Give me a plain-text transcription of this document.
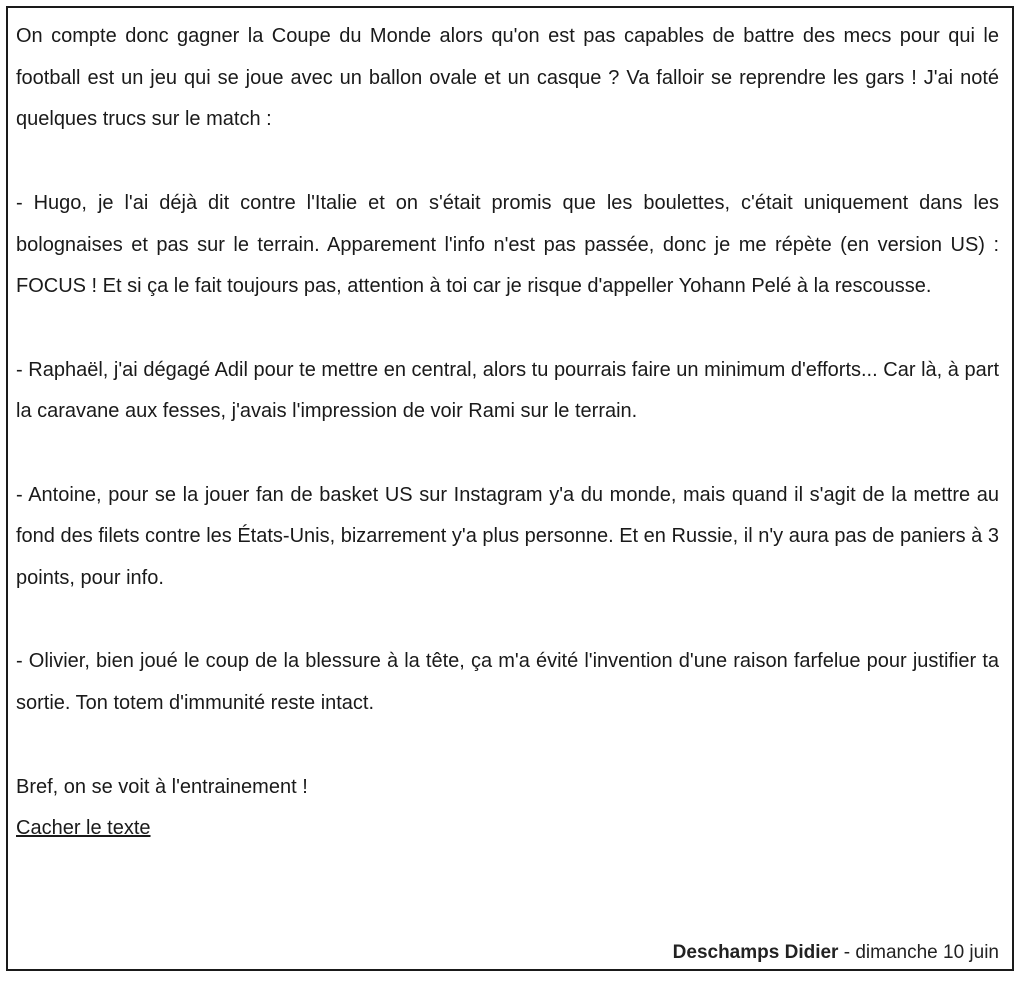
On compte donc gagner la Coupe du Monde alors qu'on est pas capables de battre des mecs pour qui le football est un jeu qui se joue avec un ballon ovale et un casque ? Va falloir se reprendre les gars ! J'ai noté quelques trucs sur le match :

- Hugo, je l'ai déjà dit contre l'Italie et on s'était promis que les boulettes, c'était uniquement dans les bolognaises et pas sur le terrain. Apparement l'info n'est pas passée, donc je me répète (en version US) : FOCUS ! Et si ça le fait toujours pas, attention à toi car je risque d'appeller Yohann Pelé à la rescousse.

- Raphaël, j'ai dégagé Adil pour te mettre en central, alors tu pourrais faire un minimum d'efforts... Car là, à part la caravane aux fesses, j'avais l'impression de voir Rami sur le terrain.

- Antoine, pour se la jouer fan de basket US sur Instagram y'a du monde, mais quand il s'agit de la mettre au fond des filets contre les États-Unis, bizarrement y'a plus personne. Et en Russie, il n'y aura pas de paniers à 3 points, pour info.

- Olivier, bien joué le coup de la blessure à la tête, ça m'a évité l'invention d'une raison farfelue pour justifier ta sortie. Ton totem d'immunité reste intact.

Bref, on se voit à l'entrainement !

Cacher le texte
Deschamps Didier - dimanche 10 juin
